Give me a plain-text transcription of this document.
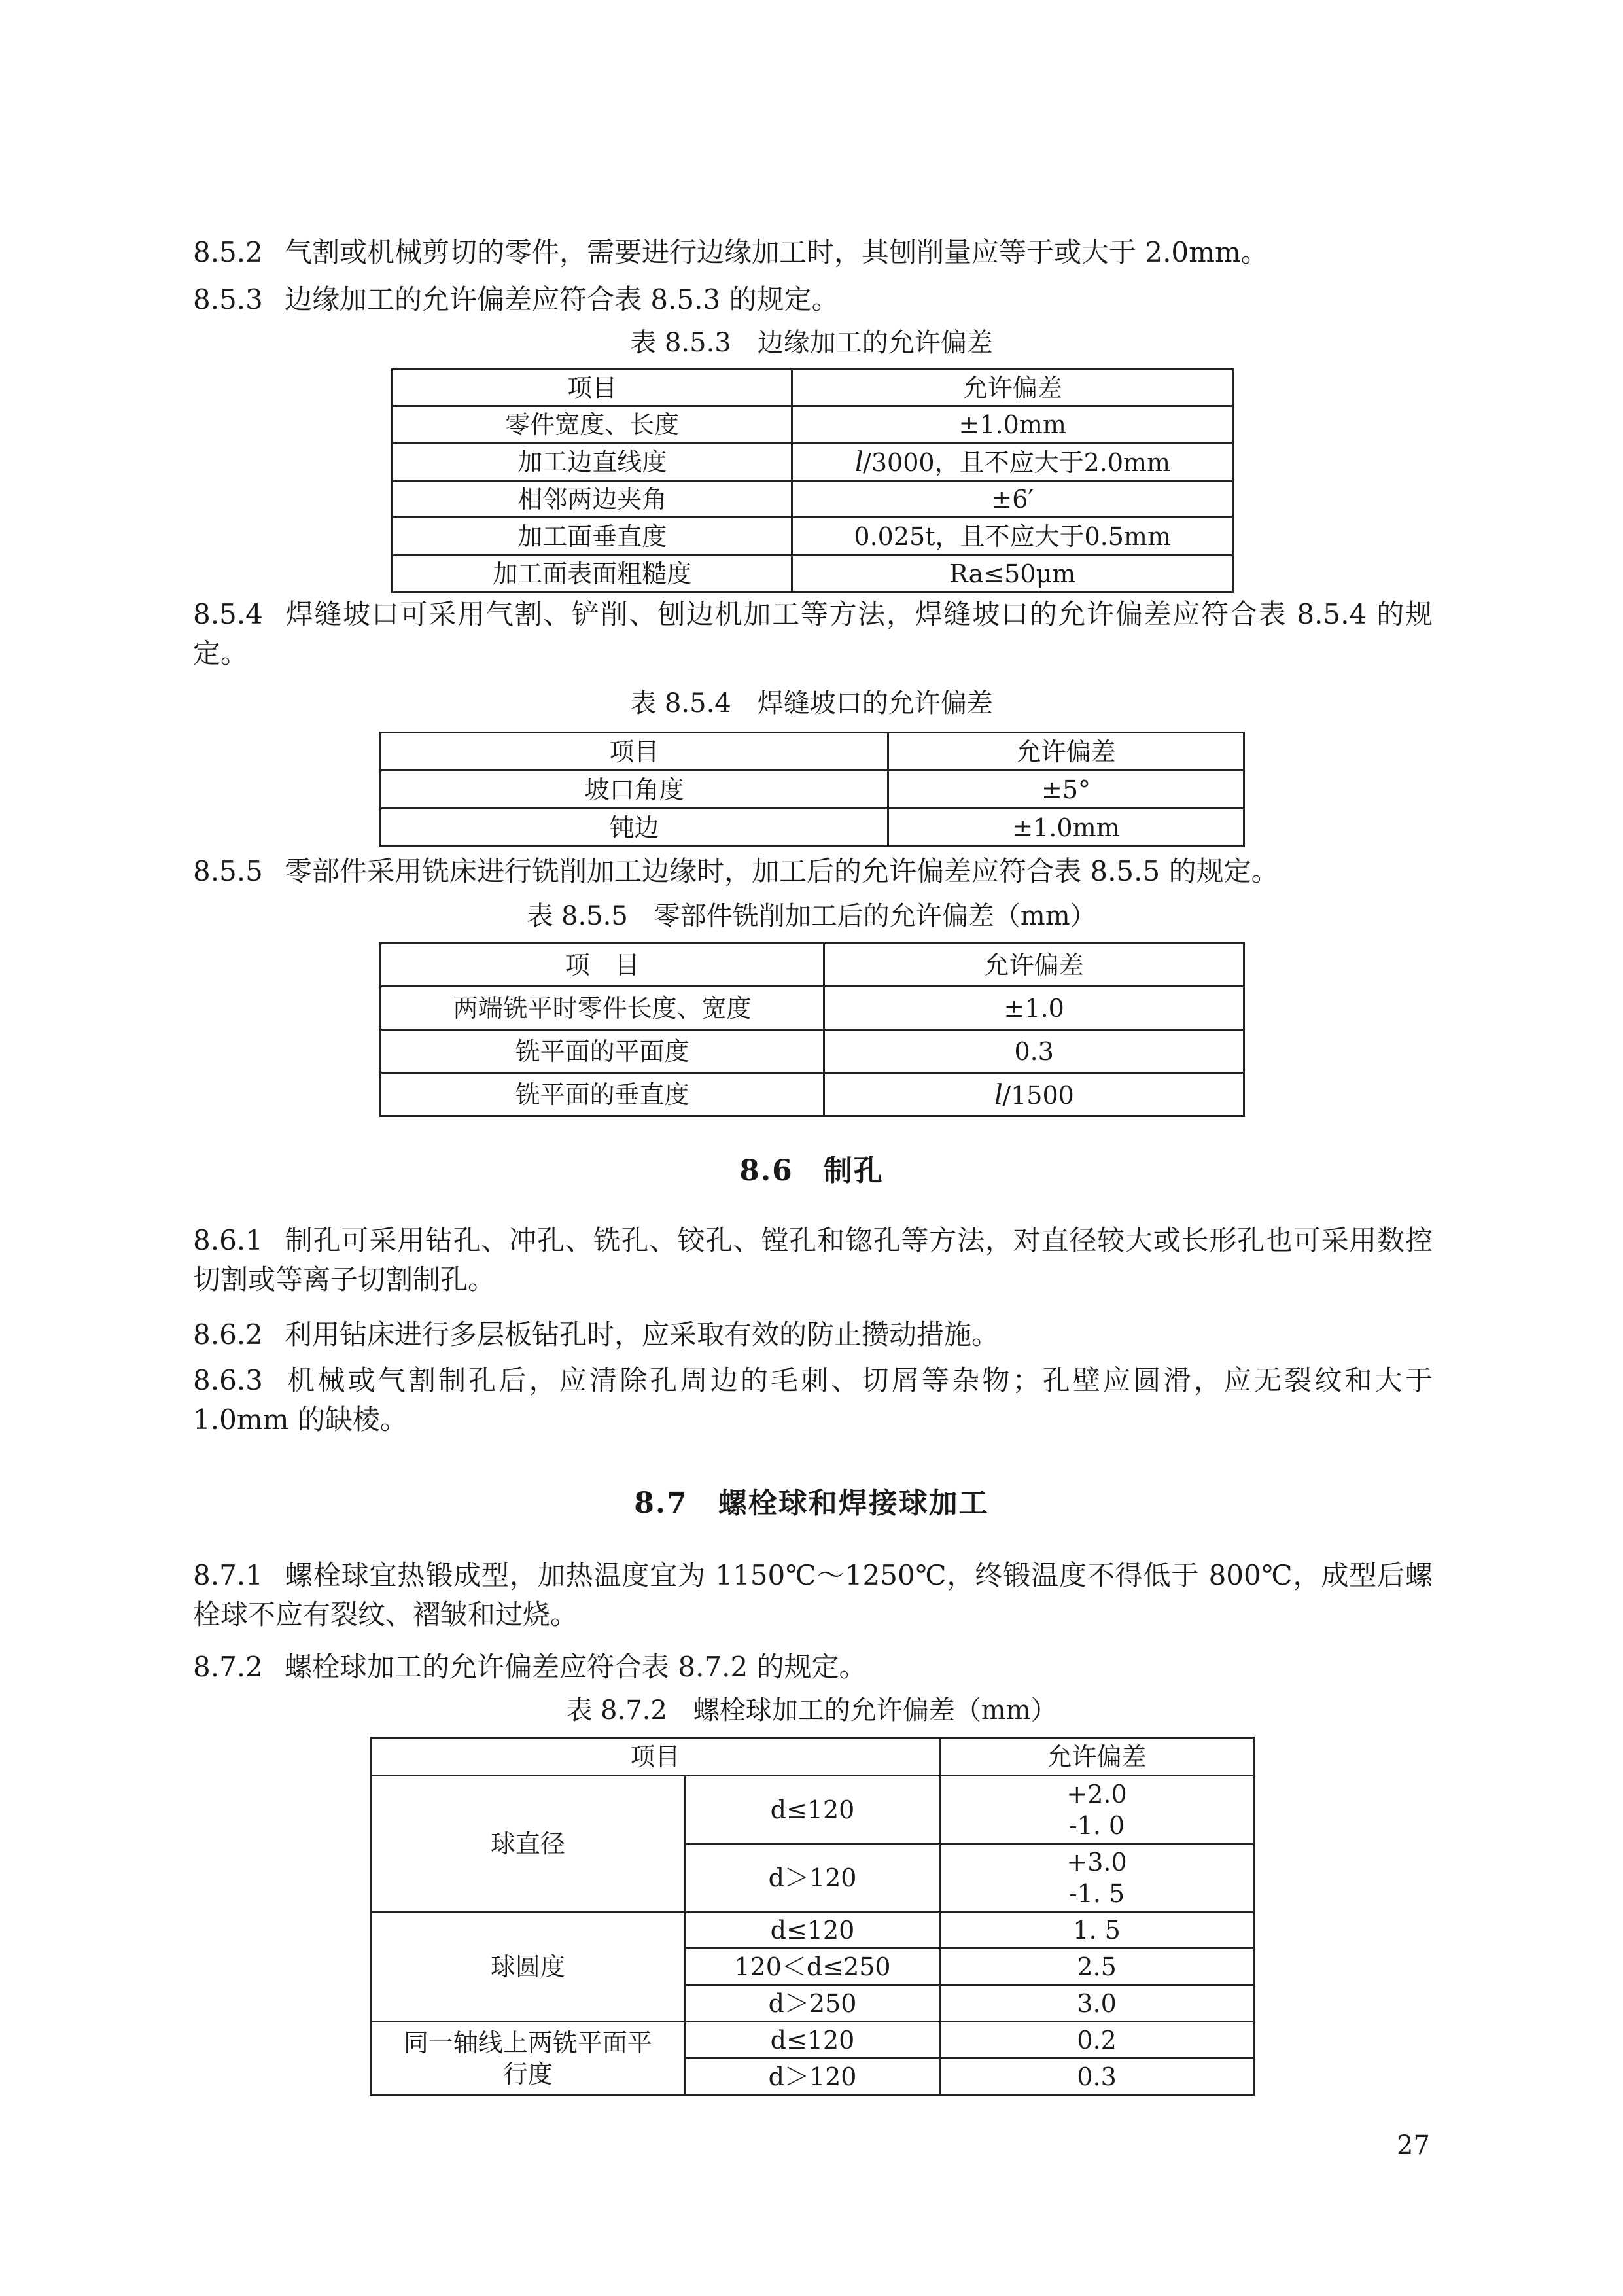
8.5.2 气割或机械剪切的零件，需要进行边缘加工时，其刨削量应等于或大于 2.0mm。
8.5.3 边缘加工的允许偏差应符合表 8.5.3 的规定。
表 8.5.3　边缘加工的允许偏差
项目	允许偏差
零件宽度、长度	±1.0mm
加工边直线度	l/3000，且不应大于2.0mm
相邻两边夹角	±6′
加工面垂直度	0.025t，且不应大于0.5mm
加工面表面粗糙度	Ra≤50μm
8.5.4 焊缝坡口可采用气割、铲削、刨边机加工等方法，焊缝坡口的允许偏差应符合表 8.5.4 的规定。
表 8.5.4　焊缝坡口的允许偏差
项目	允许偏差
坡口角度	±5°
钝边	±1.0mm
8.5.5 零部件采用铣床进行铣削加工边缘时，加工后的允许偏差应符合表 8.5.5 的规定。
表 8.5.5　零部件铣削加工后的允许偏差（mm）
项　目	允许偏差
两端铣平时零件长度、宽度	±1.0
铣平面的平面度	0.3
铣平面的垂直度	l/1500
8.6　制孔
8.6.1 制孔可采用钻孔、冲孔、铣孔、铰孔、镗孔和锪孔等方法，对直径较大或长形孔也可采用数控切割或等离子切割制孔。
8.6.2 利用钻床进行多层板钻孔时，应采取有效的防止攒动措施。
8.6.3 机械或气割制孔后，应清除孔周边的毛刺、切屑等杂物；孔壁应圆滑，应无裂纹和大于 1.0mm 的缺棱。
8.7　螺栓球和焊接球加工
8.7.1 螺栓球宜热锻成型，加热温度宜为 1150℃～1250℃，终锻温度不得低于 800℃，成型后螺栓球不应有裂纹、褶皱和过烧。
8.7.2 螺栓球加工的允许偏差应符合表 8.7.2 的规定。
表 8.7.2　螺栓球加工的允许偏差（mm）
项目		允许偏差
球直径	d≤120	+2.0
-1. 0

	d＞120	+3.0
-1. 5

球圆度	d≤120	1. 5
	120＜d≤250	2.5
	d＞250	3.0
同一轴线上两铣平面平行度	d≤120	0.2
	d＞120	0.3
27
